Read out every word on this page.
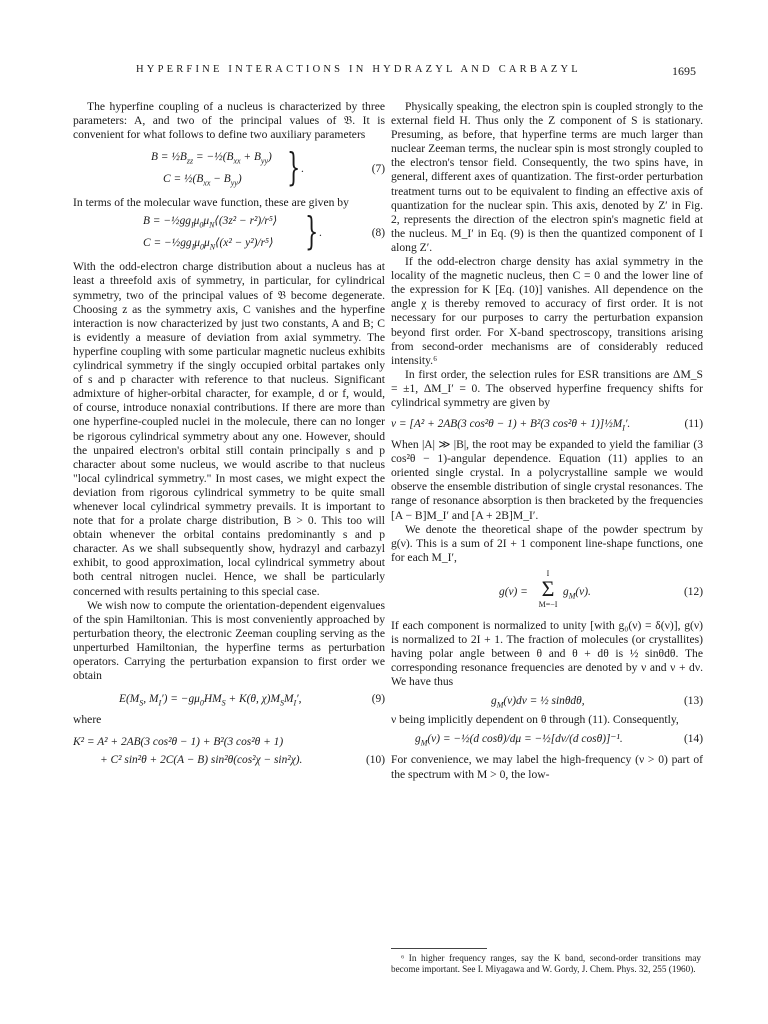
HYPERFINE INTERACTIONS IN HYDRAZYL AND CARBAZYL	1695

The hyperfine coupling of a nucleus is characterized by three parameters: A, and two of the principal values of 𝔅. It is convenient for what follows to define two auxiliary parameters

$B = \frac{1}{2}B_{zz}$ = $-\frac{1}{2}(B_{xx} + B_{yy})$
$C = \frac{1}{2}(B_{xx} - B_{yy})$ } .	(7)

In terms of the molecular wave function, these are given by

$B = -\frac{1}{2}gg_I\mu_0\mu_N⟨(3z^2$ − r²)/r⁵⟩
$C = -\frac{1}{2}gg_I\mu_0\mu_N⟨(x^2$ − y²)/r⁵⟩ } .	(8)

With the odd-electron charge distribution about a nucleus has at least a threefold axis of symmetry, in particular, for cylindrical symmetry, two of the principal values of 𝔅 become degenerate. Choosing z as the symmetry axis, C vanishes and the hyperfine interaction is now characterized by just two constants, A and B; C is evidently a measure of deviation from axial symmetry. The hyperfine coupling with some particular magnetic nucleus exhibits cylindrical symmetry if the singly occupied orbital partakes only of s and p character with reference to that nucleus. Significant admixture of higher-orbital character, for example, d or f, would, of course, introduce nonaxial contributions. If there are more than one hyperfine-coupled nuclei in the molecule, there can no longer be rigorous cylindrical symmetry about any one. However, should the unpaired electron's orbital still contain principally s and p character about some nucleus, we would ascribe to that nucleus "local cylindrical symmetry." In most cases, we might expect the deviation from rigorous cylindrical symmetry to be quite small whenever local cylindrical symmetry prevails. It is important to note that for a prolate charge distribution, B > 0. This too will obtain whenever the orbital contains predominantly s and p character. As we shall subsequently show, hydrazyl and carbazyl exhibit, to good approximation, local cylindrical symmetry about both central nitrogen nuclei. Hence, we shall be particularly concerned with results pertaining to this special case.

We wish now to compute the orientation-dependent eigenvalues of the spin Hamiltonian. This is most conveniently approached by perturbation theory, the electronic Zeeman coupling serving as the unperturbed Hamiltonian, the hyperfine terms as perturbation operators. Carrying the perturbation expansion to first order we obtain

$E(M_S$, $M_I') = -g\mu_0HM_S + K(\theta$, $\chi)M_SM_I'$,	(9)

where

K² = A² + 2AB(3 cos²θ − 1) + B²(3 cos²θ + 1)
+ C² sin²θ + 2C(A − B) sin²θ(cos²χ − sin²χ).	(10)

Physically speaking, the electron spin is coupled strongly to the external field H. Thus only the Z component of S is stationary. Presuming, as before, that hyperfine terms are much larger than nuclear Zeeman terms, the nuclear spin is most strongly coupled to the electron's tensor field. Consequently, the two spins have, in general, different axes of quantization. The first-order perturbation treatment turns out to be equivalent to finding an effective axis of quantization for the nuclear spin. This axis, denoted by Z′ in Fig. 2, represents the direction of the electron spin's magnetic field at the nucleus. M_I′ in Eq. (9) is then the quantized component of I along Z′.

If the odd-electron charge density has axial symmetry in the locality of the magnetic nucleus, then C = 0 and the lower line of the expression for K [Eq. (10)] vanishes. All dependence on the angle χ is thereby removed to accuracy of first order. It is not necessary for our purposes to carry the perturbation expansion beyond first order. For X-band spectroscopy, transitions arising from second-order mechanisms are of considerably reduced intensity.⁶

In first order, the selection rules for ESR transitions are ΔM_S = ±1, ΔM_I′ = 0. The observed hyperfine frequency shifts for cylindrical symmetry are given by

ν = [A² + 2AB(3 cos²θ − 1) + B²(3 $\cos^2\theta + 1)]\frac{1}{2}M_I'$.	(11)

When |A| ≫ |B|, the root may be expanded to yield the familiar (3 cos²θ − 1)-angular dependence. Equation (11) applies to an oriented single crystal. In a polycrystalline sample we would observe the ensemble distribution of single crystal resonances. The range of resonance absorption is then bracketed by the frequencies [A − B]M_I′ and [A + 2B]M_I′.

We denote the theoretical shape of the powder spectrum by g(ν). This is a sum of 2I + 1 component line-shape functions, one for each M_I′,

g(ν) =
I
Σ
M=−I
$g_M(\nu)$.	(12)

If each component is normalized to unity [with g₀(ν) = δ(ν)], g(ν) is normalized to 2I + 1. The fraction of molecules (or crystallites) having polar angle between θ and θ + dθ is ½ sinθdθ. The corresponding resonance frequencies are denoted by ν and ν + dν. We have thus

$g_M(\nu)d\nu$ = ½ sinθdθ,	(13)

ν being implicitly dependent on θ through (11). Consequently,

$g_M(\nu)$ = −½(d cosθ)/dμ = −½[dν/(d cosθ)]⁻¹.	(14)

For convenience, we may label the high-frequency (ν > 0) part of the spectrum with M > 0, the low-

⁶ In higher frequency ranges, say the K band, second-order transitions may become important. See I. Miyagawa and W. Gordy, J. Chem. Phys. 32, 255 (1960).
